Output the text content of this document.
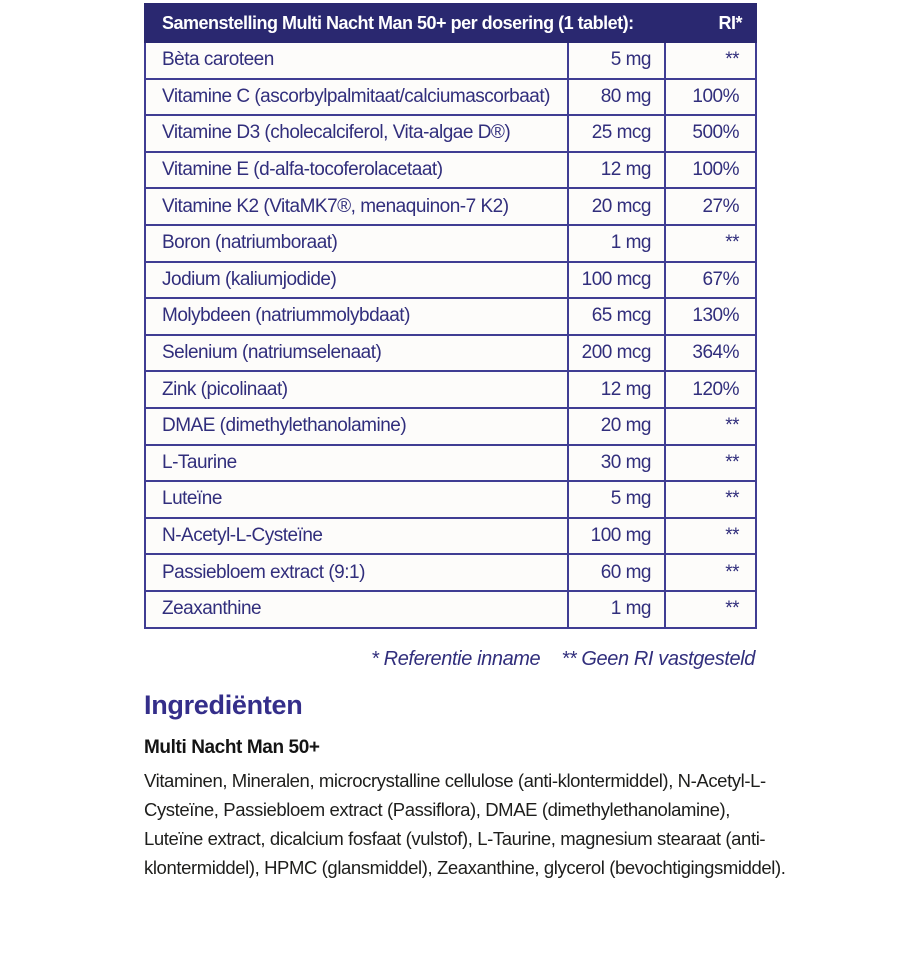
Samenstelling Multi Nacht Man 50+ per dosering (1 tablet):		RI*
Bèta caroteen	5 mg	**
Vitamine C (ascorbylpalmitaat/calciumascorbaat)	80 mg	100%
Vitamine D3 (cholecalciferol, Vita-algae D®)	25 mcg	500%
Vitamine E (d-alfa-tocoferolacetaat)	12 mg	100%
Vitamine K2 (VitaMK7®, menaquinon-7 K2)	20 mcg	27%
Boron (natriumboraat)	1 mg	**
Jodium (kaliumjodide)	100 mcg	67%
Molybdeen (natriummolybdaat)	65 mcg	130%
Selenium (natriumselenaat)	200 mcg	364%
Zink (picolinaat)	12 mg	120%
DMAE (dimethylethanolamine)	20 mg	**
L-Taurine	30 mg	**
Luteïne	5 mg	**
N-Acetyl-L-Cysteïne	100 mg	**
Passiebloem extract (9:1)	60 mg	**
Zeaxanthine	1 mg	**
* Referentie inname ** Geen RI vastgesteld
Ingrediënten
Multi Nacht Man 50+
Vitaminen, Mineralen, microcrystalline cellulose (anti-klontermiddel), N-Acetyl-L-Cysteïne, Passiebloem extract (Passiflora), DMAE (dimethylethanolamine), Luteïne extract, dicalcium fosfaat (vulstof), L-Taurine, magnesium stearaat (anti-klontermiddel), HPMC (glansmiddel), Zeaxanthine, glycerol (bevochtigingsmiddel).
